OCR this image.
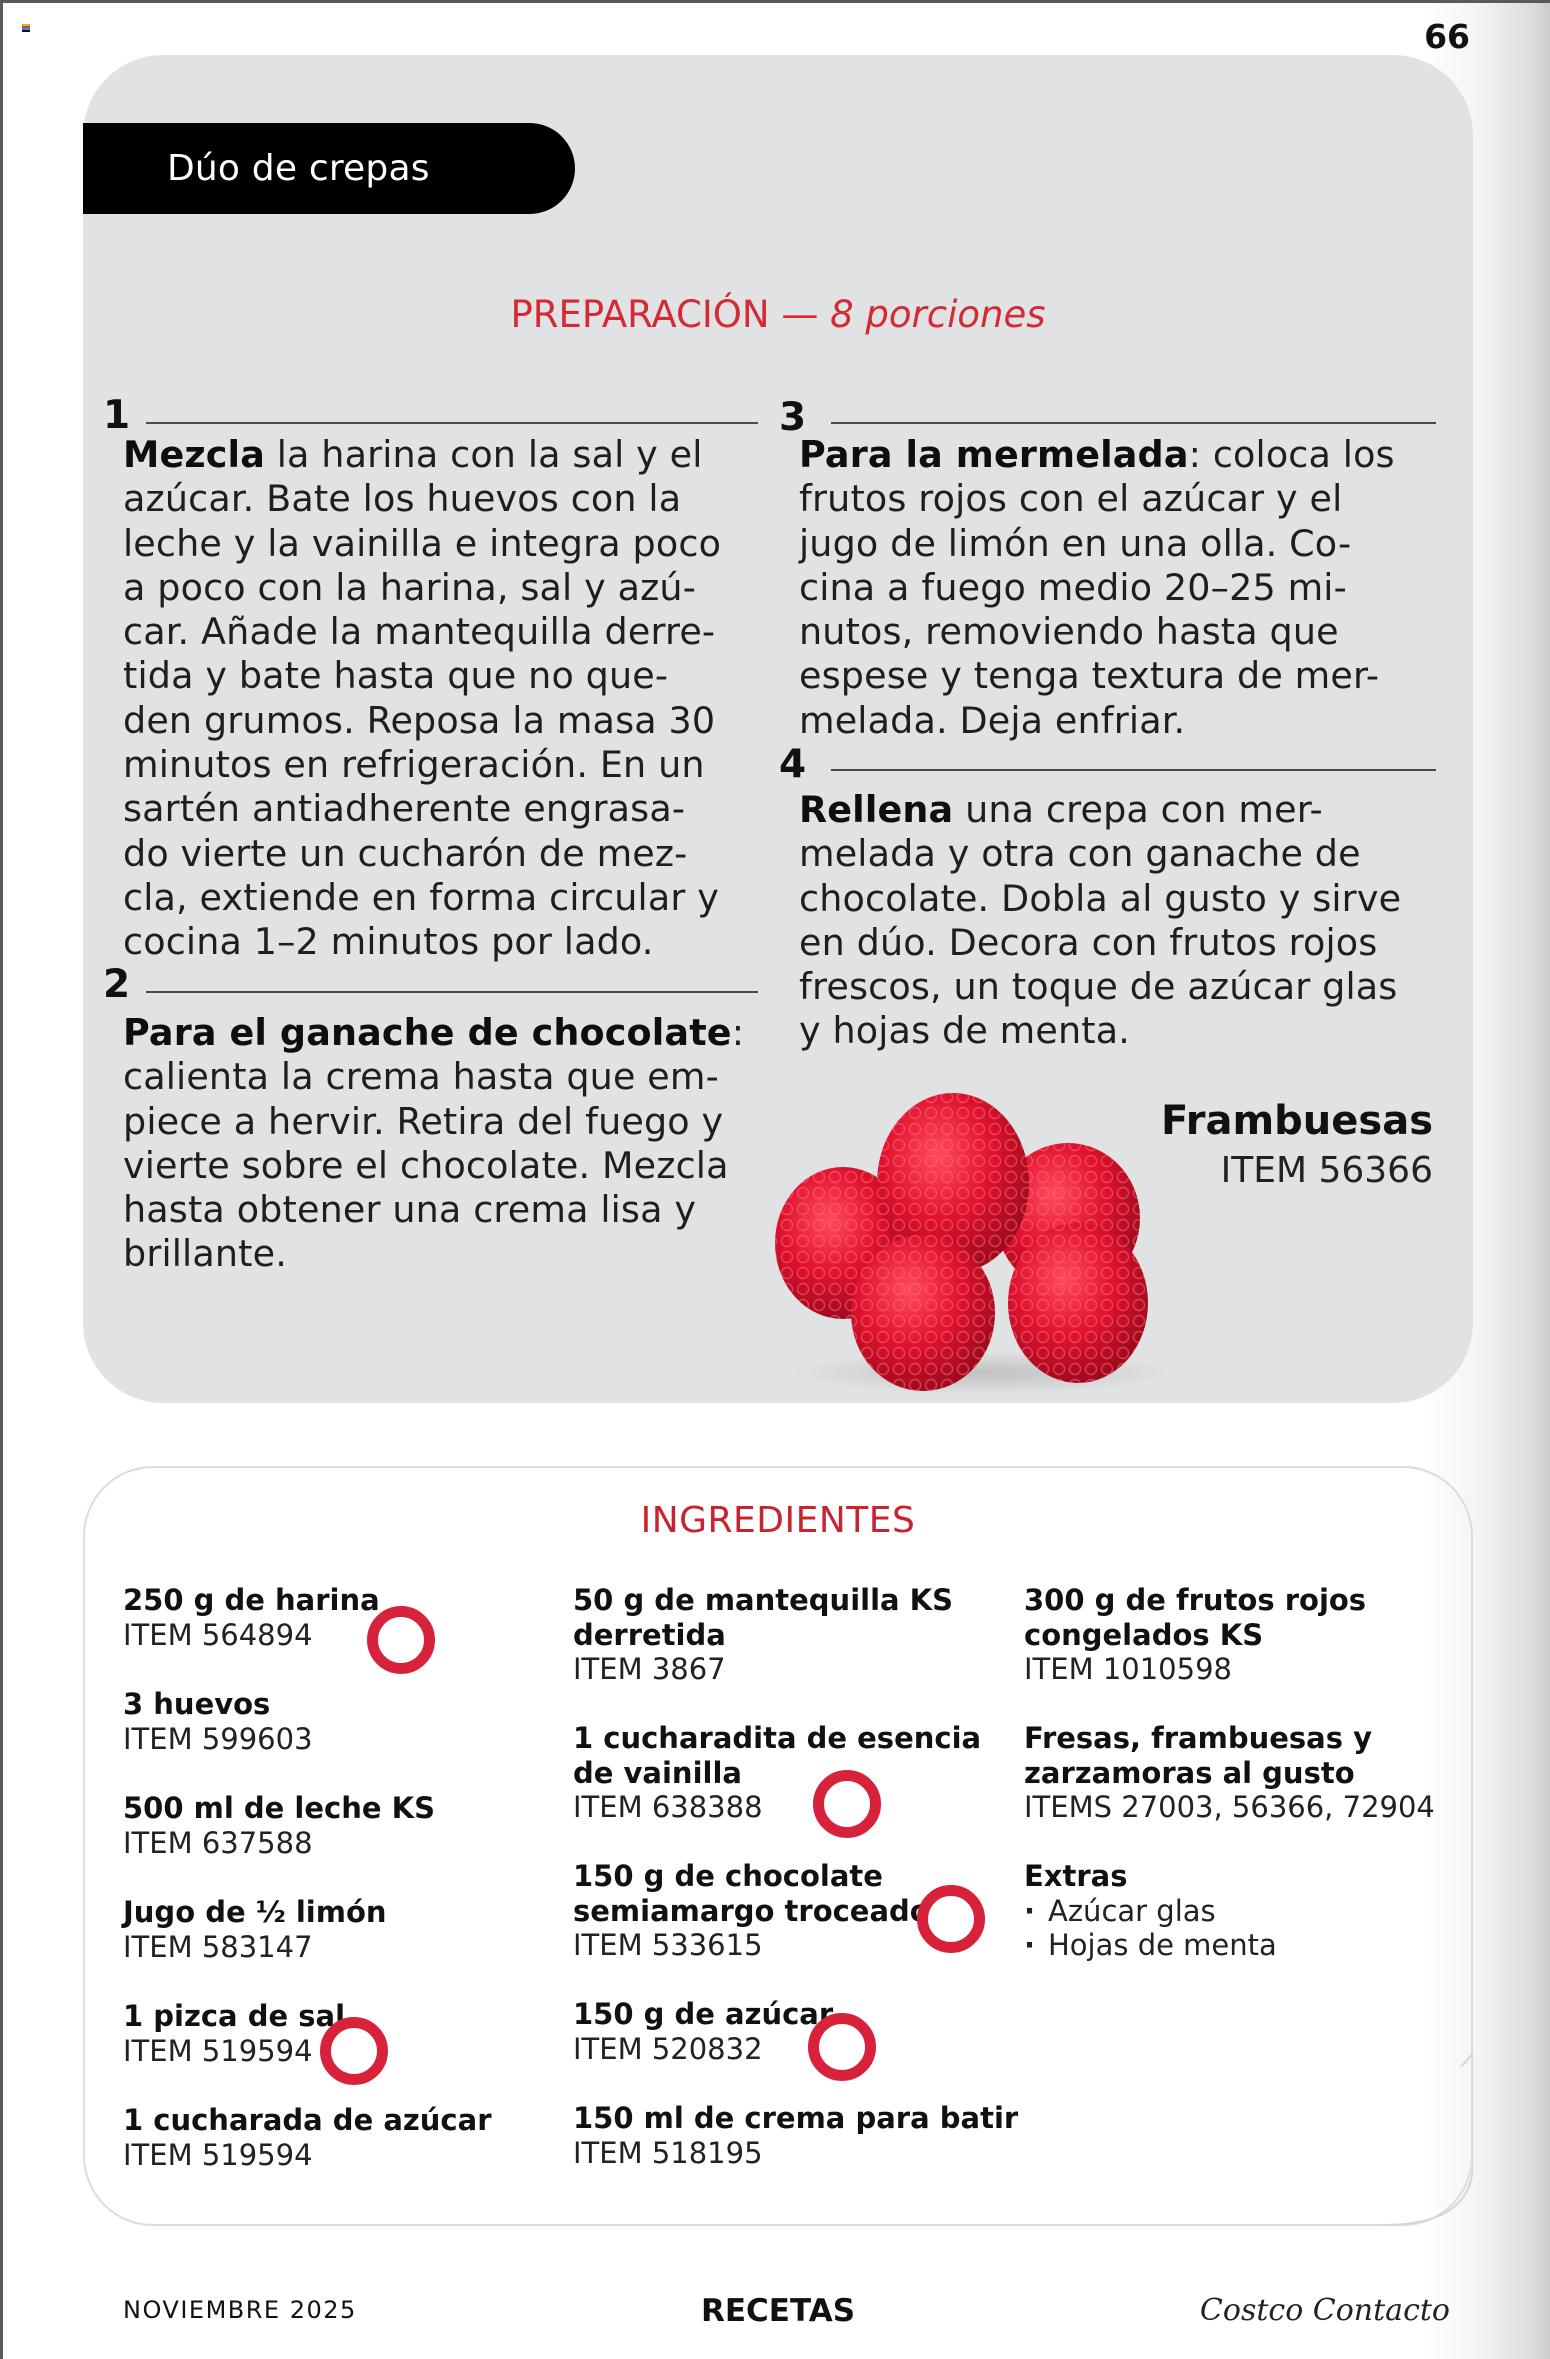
66
Dúo de crepas
PREPARACIÓN — 8 porciones
1
Mezcla la harina con la sal y el
azúcar. Bate los huevos con la
leche y la vainilla e integra poco
a poco con la harina, sal y azú-
car. Añade la mantequilla derre-
tida y bate hasta que no que-
den grumos. Reposa la masa 30
minutos en refrigeración. En un
sartén antiadherente engrasa-
do vierte un cucharón de mez-
cla, extiende en forma circular y
cocina 1–2 minutos por lado.
2
Para el ganache de chocolate:
calienta la crema hasta que em-
piece a hervir. Retira del fuego y
vierte sobre el chocolate. Mezcla
hasta obtener una crema lisa y
brillante.
3
Para la mermelada: coloca los
frutos rojos con el azúcar y el
jugo de limón en una olla. Co-
cina a fuego medio 20–25 mi-
nutos, removiendo hasta que
espese y tenga textura de mer-
melada. Deja enfriar.
4
Rellena una crepa con mer-
melada y otra con ganache de
chocolate. Dobla al gusto y sirve
en dúo. Decora con frutos rojos
frescos, un toque de azúcar glas
y hojas de menta.
Frambuesas
ITEM 56366
INGREDIENTES
250 g de harina
ITEM 564894
3 huevos
ITEM 599603
500 ml de leche KS
ITEM 637588
Jugo de ½ limón
ITEM 583147
1 pizca de sal
ITEM 519594
1 cucharada de azúcar
ITEM 519594
50 g de mantequilla KS
derretida
ITEM 3867
1 cucharadita de esencia
de vainilla
ITEM 638388
150 g de chocolate
semiamargo troceado
ITEM 533615
150 g de azúcar
ITEM 520832
150 ml de crema para batir
ITEM 518195
300 g de frutos rojos
congelados KS
ITEM 1010598
Fresas, frambuesas y
zarzamoras al gusto
ITEMS 27003, 56366, 72904
Extras
· Azúcar glas
· Hojas de menta
NOVIEMBRE 2025	RECETAS	Costco Contacto
